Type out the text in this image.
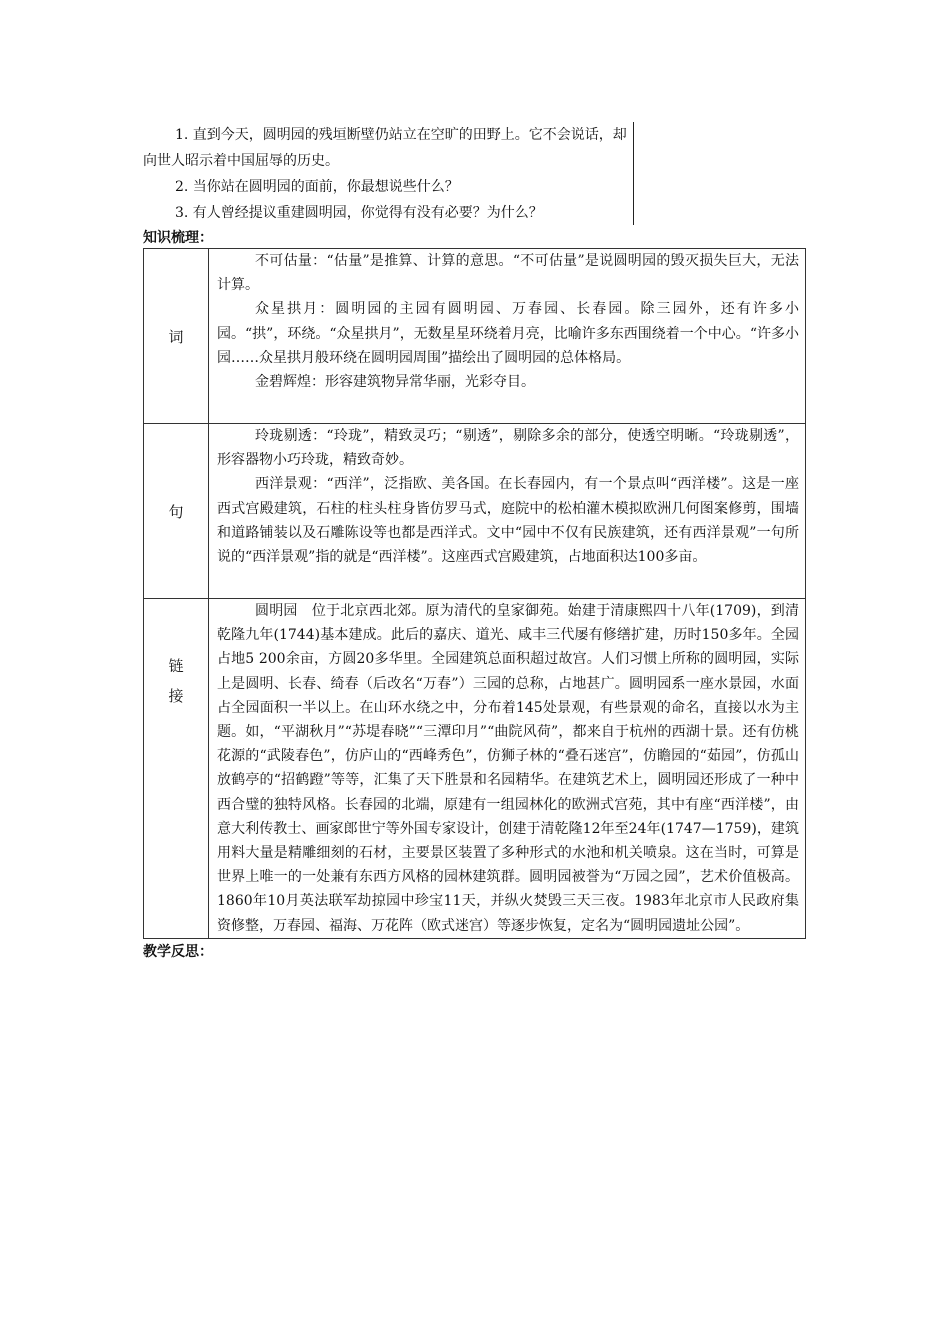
1. 直到今天，圆明园的残垣断壁仍站立在空旷的田野上。它不会说话，却向世人昭示着中国屈辱的历史。

2. 当你站在圆明园的面前，你最想说些什么？

3. 有人曾经提议重建圆明园，你觉得有没有必要？为什么？

知识梳理：
词	不可估量：“估量”是推算、计算的意思。“不可估量”是说圆明园的毁灭损失巨大，无法计算。

众星拱月：圆明园的主园有圆明园、万春园、长春园。除三园外，还有许多小园。“拱”，环绕。“众星拱月”，无数星星环绕着月亮，比喻许多东西围绕着一个中心。“许多小园……众星拱月般环绕在圆明园周围”描绘出了圆明园的总体格局。

金碧辉煌：形容建筑物异常华丽，光彩夺目。

句	玲珑剔透：“玲珑”，精致灵巧；“剔透”，剔除多余的部分，使透空明晰。“玲珑剔透”，形容器物小巧玲珑，精致奇妙。

西洋景观：“西洋”，泛指欧、美各国。在长春园内，有一个景点叫“西洋楼”。这是一座西式宫殿建筑，石柱的柱头柱身皆仿罗马式，庭院中的松柏灌木模拟欧洲几何图案修剪，围墙和道路铺装以及石雕陈设等也都是西洋式。文中“园中不仅有民族建筑，还有西洋景观”一句所说的“西洋景观”指的就是“西洋楼”。这座西式宫殿建筑，占地面积达100多亩。

链
接	圆明园　位于北京西北郊。原为清代的皇家御苑。始建于清康熙四十八年(1709)，到清乾隆九年(1744)基本建成。此后的嘉庆、道光、咸丰三代屡有修缮扩建，历时150多年。全园占地5 200余亩，方圆20多华里。全园建筑总面积超过故宫。人们习惯上所称的圆明园，实际上是圆明、长春、绮春（后改名“万春”）三园的总称，占地甚广。圆明园系一座水景园，水面占全园面积一半以上。在山环水绕之中，分布着145处景观，有些景观的命名，直接以水为主题。如，“平湖秋月”“苏堤春晓”“三潭印月”“曲院风荷”，都来自于杭州的西湖十景。还有仿桃花源的“武陵春色”，仿庐山的“西峰秀色”，仿狮子林的“叠石迷宫”，仿瞻园的“茹园”，仿孤山放鹤亭的“招鹤蹬”等等，汇集了天下胜景和名园精华。在建筑艺术上，圆明园还形成了一种中西合璧的独特风格。长春园的北端，原建有一组园林化的欧洲式宫苑，其中有座“西洋楼”，由意大利传教士、画家郎世宁等外国专家设计，创建于清乾隆12年至24年(1747—1759)，建筑用料大量是精雕细刻的石材，主要景区装置了多种形式的水池和机关喷泉。这在当时，可算是世界上唯一的一处兼有东西方风格的园林建筑群。圆明园被誉为“万园之园”，艺术价值极高。1860年10月英法联军劫掠园中珍宝11天，并纵火焚毁三天三夜。1983年北京市人民政府集资修整，万春园、福海、万花阵（欧式迷宫）等逐步恢复，定名为“圆明园遗址公园”。

教学反思：
